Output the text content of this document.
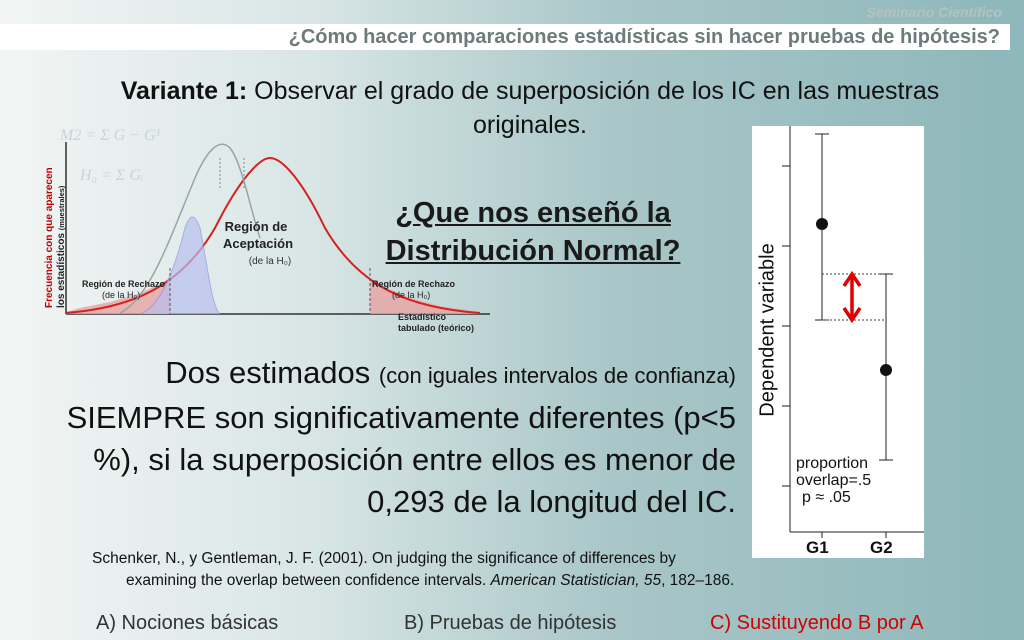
Seminario Científico
¿Cómo hacer comparaciones estadísticas sin hacer pruebas de hipótesis?
Variante 1: Observar el grado de superposición de los IC en las muestras originales.
M2 = Σ G − G¹
H₀ = Σ Gᵢ
Frecuencia con que aparecen los estadísticos (muestrales)	Región de
Aceptación
(de la H₀)
Región de Rechazo
(de la H₀)
Región de Rechazo
(de la H₀)
Estadístico
tabulado (teórico)
¿Que nos enseñó la Distribución Normal?
Dos estimados (con iguales intervalos de confianza) SIEMPRE son significativamente diferentes (p<5 %), si la superposición entre ellos es menor de 0,293 de la longitud del IC.
Schenker, N., y Gentleman, J. F. (2001). On judging the significance of differences by
examining the overlap between confidence intervals. American Statistician, 55, 182–186.
Dependent variable
proportion
overlap=.5
p ≈ .05
G1 G2
A) Nociones básicas	B) Pruebas de hipótesis	C) Sustituyendo B por A
